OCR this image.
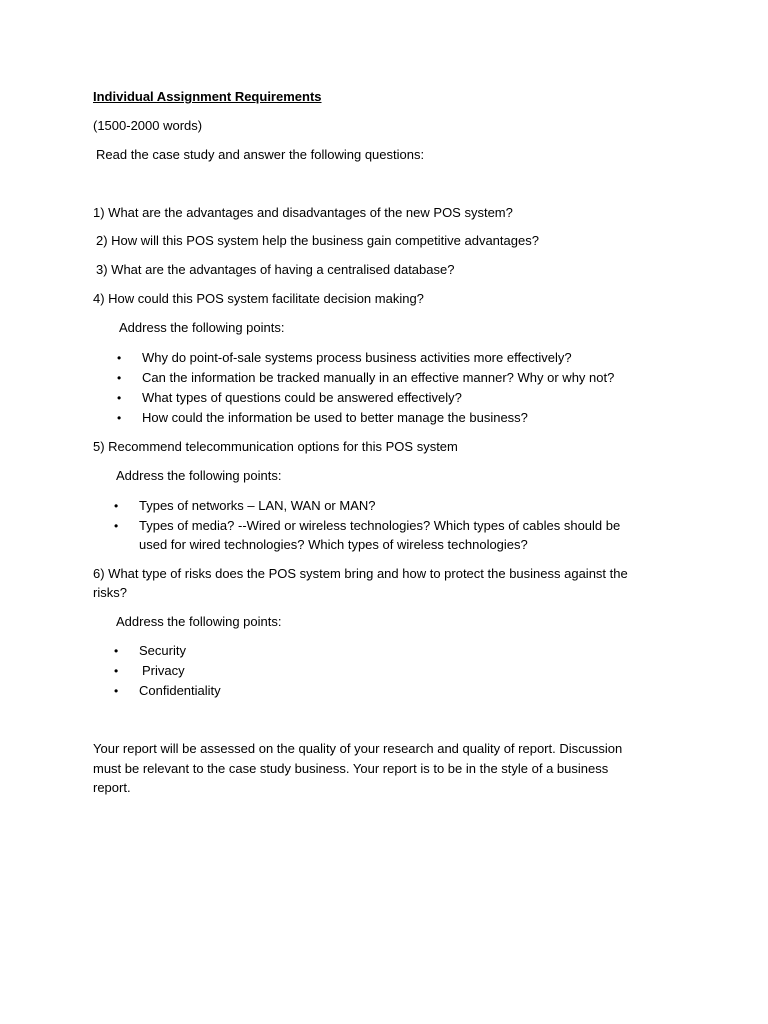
Individual Assignment Requirements
(1500-2000 words)
Read the case study and answer the following questions:
1) What are the advantages and disadvantages of the new POS system?
2) How will this POS system help the business gain competitive advantages?
3) What are the advantages of having a centralised database?
4) How could this POS system facilitate decision making?
Address the following points:
• Why do point-of-sale systems process business activities more effectively?
• Can the information be tracked manually in an effective manner? Why or why not?
• What types of questions could be answered effectively?
• How could the information be used to better manage the business?
5) Recommend telecommunication options for this POS system
Address the following points:
• Types of networks – LAN, WAN or MAN?
• Types of media? --Wired or wireless technologies? Which types of cables should be
used for wired technologies? Which types of wireless technologies?
6) What type of risks does the POS system bring and how to protect the business against the
risks?
Address the following points:
• Security
• Privacy
• Confidentiality
Your report will be assessed on the quality of your research and quality of report. Discussion
must be relevant to the case study business. Your report is to be in the style of a business
report.
